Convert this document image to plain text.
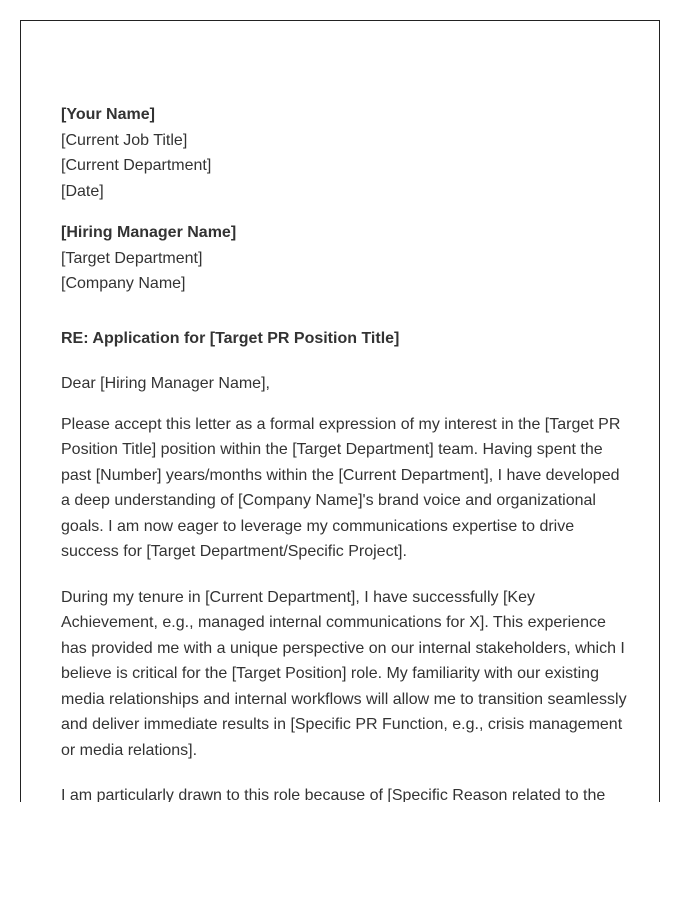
[Your Name]
[Current Job Title]
[Current Department]
[Date]
[Hiring Manager Name]
[Target Department]
[Company Name]
RE: Application for [Target PR Position Title]
Dear [Hiring Manager Name],

Please accept this letter as a formal expression of my interest in the [Target PR Position Title] position within the [Target Department] team. Having spent the past [Number] years/months within the [Current Department], I have developed a deep understanding of [Company Name]'s brand voice and organizational goals. I am now eager to leverage my communications expertise to drive success for [Target Department/Specific Project].

During my tenure in [Current Department], I have successfully [Key Achievement, e.g., managed internal communications for X]. This experience has provided me with a unique perspective on our internal stakeholders, which I believe is critical for the [Target Position] role. My familiarity with our existing media relationships and internal workflows will allow me to transition seamlessly and deliver immediate results in [Specific PR Function, e.g., crisis management or media relations].

I am particularly drawn to this role because of [Specific Reason related to the
